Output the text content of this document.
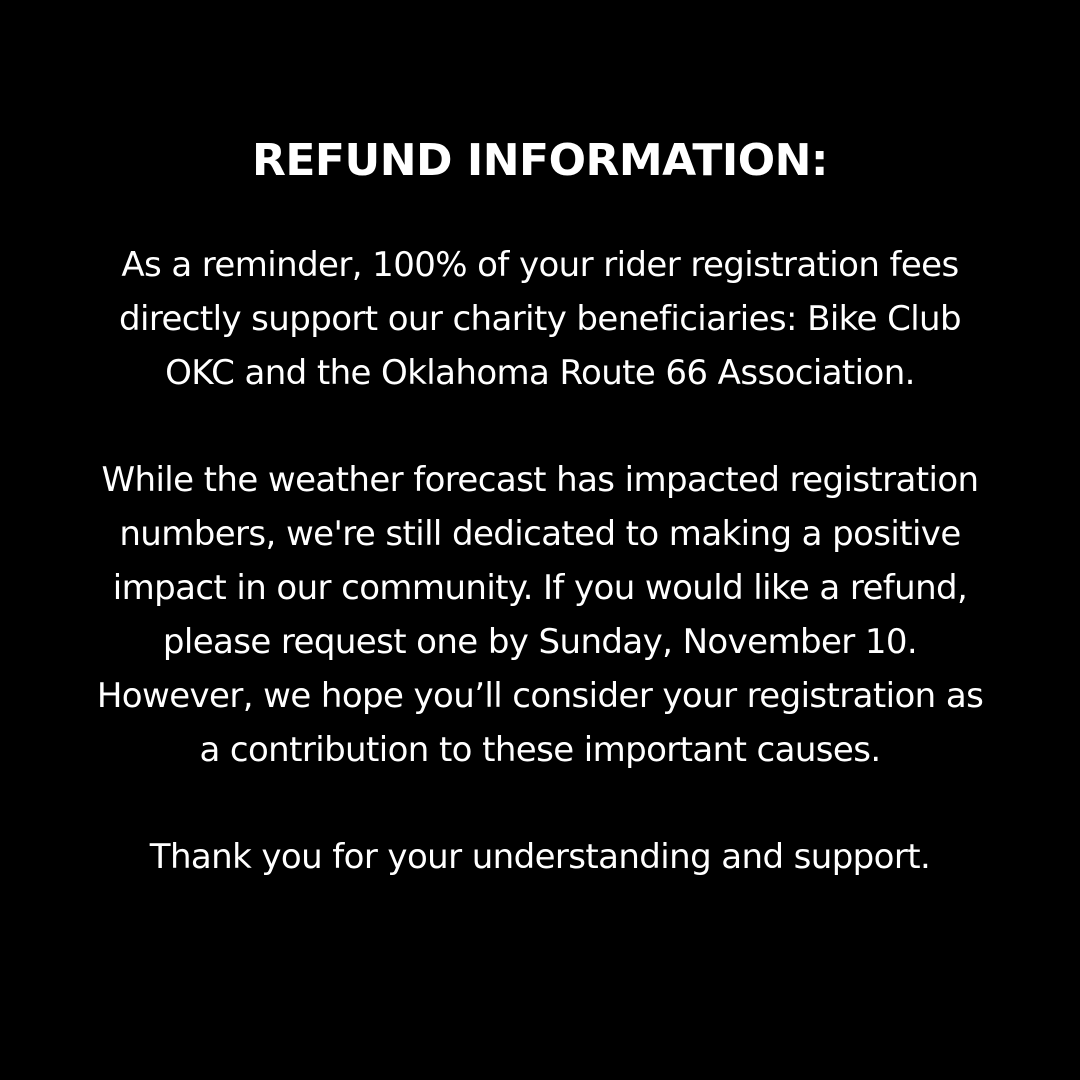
REFUND INFORMATION:

As a reminder, 100% of your rider registration fees
directly support our charity beneficiaries: Bike Club
OKC and the Oklahoma Route 66 Association.

While the weather forecast has impacted registration
numbers, we're still dedicated to making a positive
impact in our community. If you would like a refund,
please request one by Sunday, November 10.
However, we hope you’ll consider your registration as
a contribution to these important causes.

Thank you for your understanding and support.
